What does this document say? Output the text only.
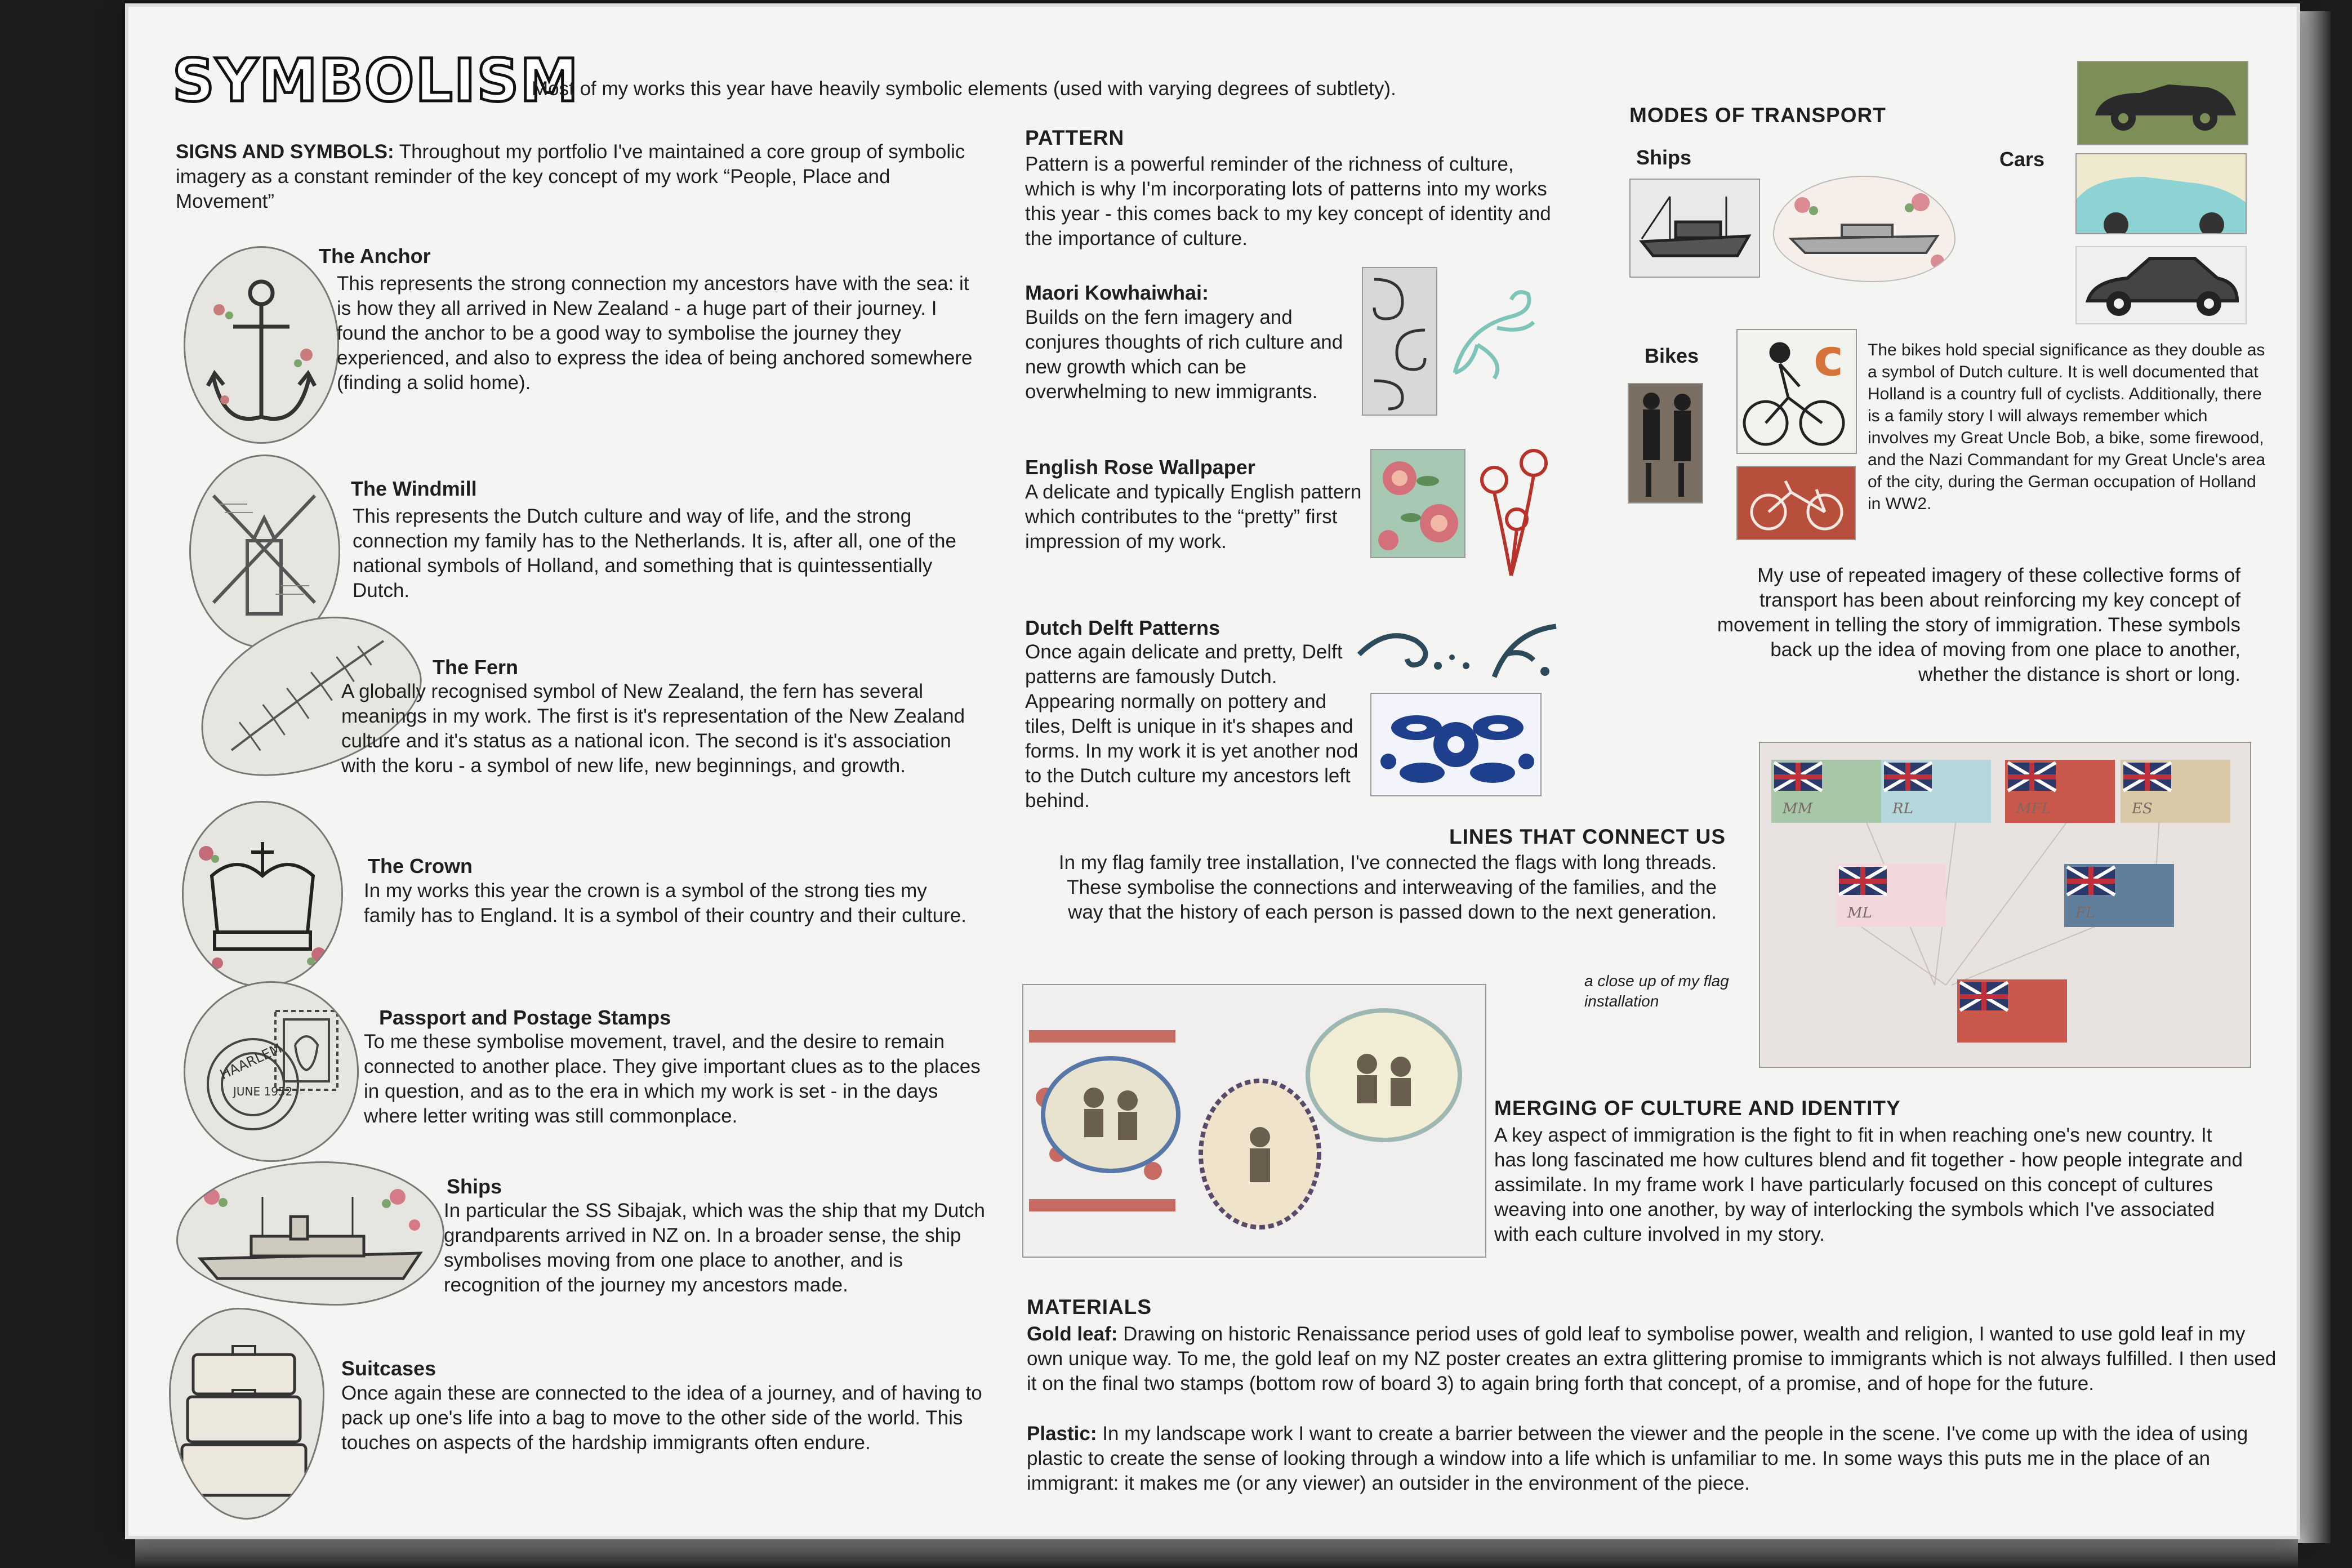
SYMBOLISM
Most of my works this year have heavily symbolic elements (used with varying degrees of subtlety).
SIGNS AND SYMBOLS: Throughout my portfolio I've maintained a core group of symbolic imagery as a constant reminder of the key concept of my work “People, Place and Movement”
The Anchor
This represents the strong connection my ancestors have with the sea: it is how they all arrived in New Zealand - a huge part of their journey. I found the anchor to be a good way to symbolise the journey they experienced, and also to express the idea of being anchored somewhere (finding a solid home).
The Windmill
This represents the Dutch culture and way of life, and the strong connection my family has to the Netherlands. It is, after all, one of the national symbols of Holland, and something that is quintessentially Dutch.
The Fern
A globally recognised symbol of New Zealand, the fern has several meanings in my work. The first is it's representation of the New Zealand culture and it's status as a national icon. The second is it's association with the koru - a symbol of new life, new beginnings, and growth.
The Crown
In my works this year the crown is a symbol of the strong ties my family has to England. It is a symbol of their country and their culture.
HAARLEM
JUNE 1952
Passport and Postage Stamps
To me these symbolise movement, travel, and the desire to remain connected to another place. They give important clues as to the places in question, and as to the era in which my work is set - in the days where letter writing was still commonplace.
Ships
In particular the SS Sibajak, which was the ship that my Dutch grandparents arrived in NZ on. In a broader sense, the ship symbolises moving from one place to another, and is recognition of the journey my ancestors made.
Suitcases
Once again these are connected to the idea of a journey, and of having to pack up one's life into a bag to move to the other side of the world. This touches on aspects of the hardship immigrants often endure.
PATTERN
Pattern is a powerful reminder of the richness of culture, which is why I'm incorporating lots of patterns into my works this year - this comes back to my key concept of identity and the importance of culture.
Maori Kowhaiwhai:
Builds on the fern imagery and conjures thoughts of rich culture and new growth which can be overwhelming to new immigrants.
English Rose Wallpaper
A delicate and typically English pattern which contributes to the “pretty” first impression of my work.
Dutch Delft Patterns
Once again delicate and pretty, Delft patterns are famously Dutch. Appearing normally on pottery and tiles, Delft is unique in it's shapes and forms. In my work it is yet another nod to the Dutch culture my ancestors left behind.
LINES THAT CONNECT US
In my flag family tree installation, I've connected the flags with long threads. These symbolise the connections and interweaving of the families, and the way that the history of each person is passed down to the next generation.
a close up of my flag installation
MM	RL	MFL	ES
ML	FL
MODES OF TRANSPORT
Ships	Cars
Bikes c The bikes hold special significance as they double as a symbol of Dutch culture. It is well documented that Holland is a country full of cyclists. Additionally, there is a family story I will always remember which involves my Great Uncle Bob, a bike, some firewood, and the Nazi Commandant for my Great Uncle's area of the city, during the German occupation of Holland in WW2.
My use of repeated imagery of these collective forms of transport has been about reinforcing my key concept of movement in telling the story of immigration. These symbols back up the idea of moving from one place to another, whether the distance is short or long.
MERGING OF CULTURE AND IDENTITY
A key aspect of immigration is the fight to fit in when reaching one's new country. It has long fascinated me how cultures blend and fit together - how people integrate and assimilate. In my frame work I have particularly focused on this concept of cultures weaving into one another, by way of interlocking the symbols which I've associated with each culture involved in my story.
MATERIALS
Gold leaf: Drawing on historic Renaissance period uses of gold leaf to symbolise power, wealth and religion, I wanted to use gold leaf in my own unique way. To me, the gold leaf on my NZ poster creates an extra glittering promise to immigrants which is not always fulfilled. I then used it on the final two stamps (bottom row of board 3) to again bring forth that concept, of a promise, and of hope for the future.
Plastic: In my landscape work I want to create a barrier between the viewer and the people in the scene. I've come up with the idea of using plastic to create the sense of looking through a window into a life which is unfamiliar to me. In some ways this puts me in the place of an immigrant: it makes me (or any viewer) an outsider in the environment of the piece.
